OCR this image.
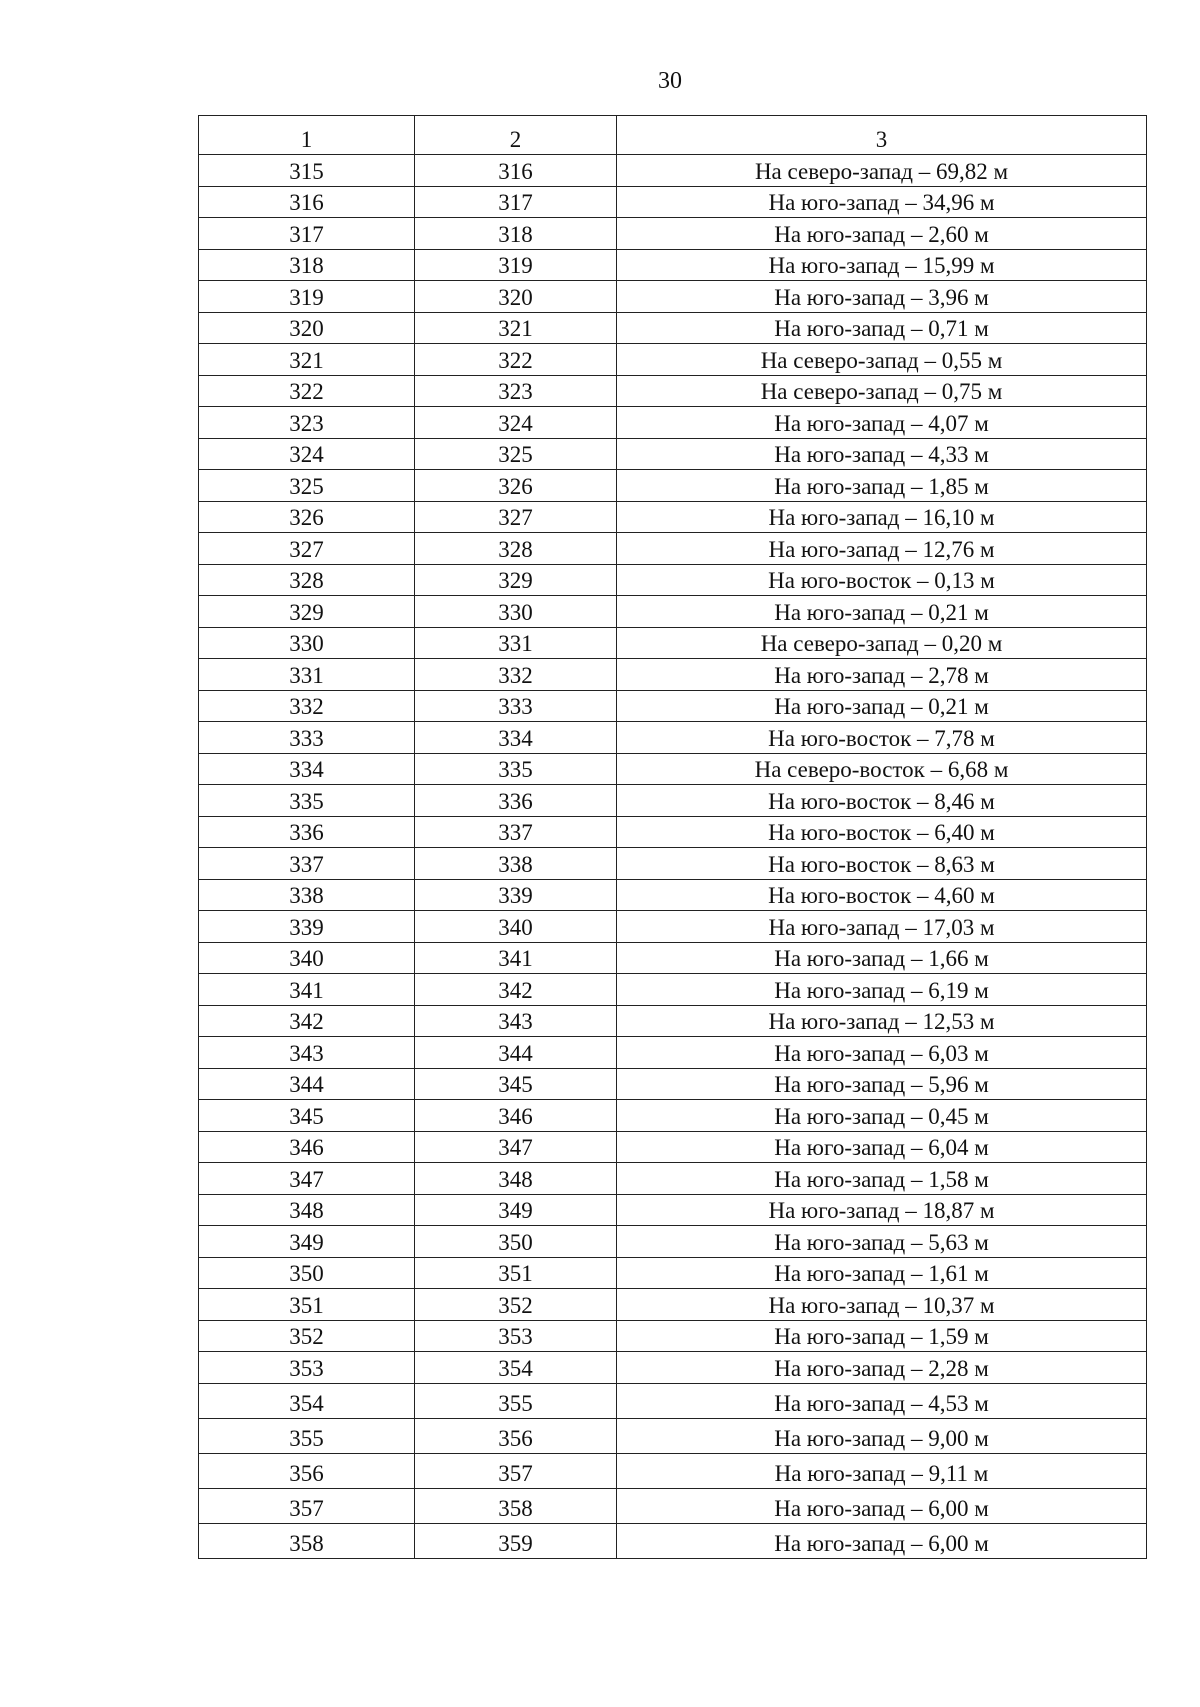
30
1	2	3
315	316	На северо-запад – 69,82 м
316	317	На юго-запад – 34,96 м
317	318	На юго-запад – 2,60 м
318	319	На юго-запад – 15,99 м
319	320	На юго-запад – 3,96 м
320	321	На юго-запад – 0,71 м
321	322	На северо-запад – 0,55 м
322	323	На северо-запад – 0,75 м
323	324	На юго-запад – 4,07 м
324	325	На юго-запад – 4,33 м
325	326	На юго-запад – 1,85 м
326	327	На юго-запад – 16,10 м
327	328	На юго-запад – 12,76 м
328	329	На юго-восток – 0,13 м
329	330	На юго-запад – 0,21 м
330	331	На северо-запад – 0,20 м
331	332	На юго-запад – 2,78 м
332	333	На юго-запад – 0,21 м
333	334	На юго-восток – 7,78 м
334	335	На северо-восток – 6,68 м
335	336	На юго-восток – 8,46 м
336	337	На юго-восток – 6,40 м
337	338	На юго-восток – 8,63 м
338	339	На юго-восток – 4,60 м
339	340	На юго-запад – 17,03 м
340	341	На юго-запад – 1,66 м
341	342	На юго-запад – 6,19 м
342	343	На юго-запад – 12,53 м
343	344	На юго-запад – 6,03 м
344	345	На юго-запад – 5,96 м
345	346	На юго-запад – 0,45 м
346	347	На юго-запад – 6,04 м
347	348	На юго-запад – 1,58 м
348	349	На юго-запад – 18,87 м
349	350	На юго-запад – 5,63 м
350	351	На юго-запад – 1,61 м
351	352	На юго-запад – 10,37 м
352	353	На юго-запад – 1,59 м
353	354	На юго-запад – 2,28 м
354	355	На юго-запад – 4,53 м
355	356	На юго-запад – 9,00 м
356	357	На юго-запад – 9,11 м
357	358	На юго-запад – 6,00 м
358	359	На юго-запад – 6,00 м
